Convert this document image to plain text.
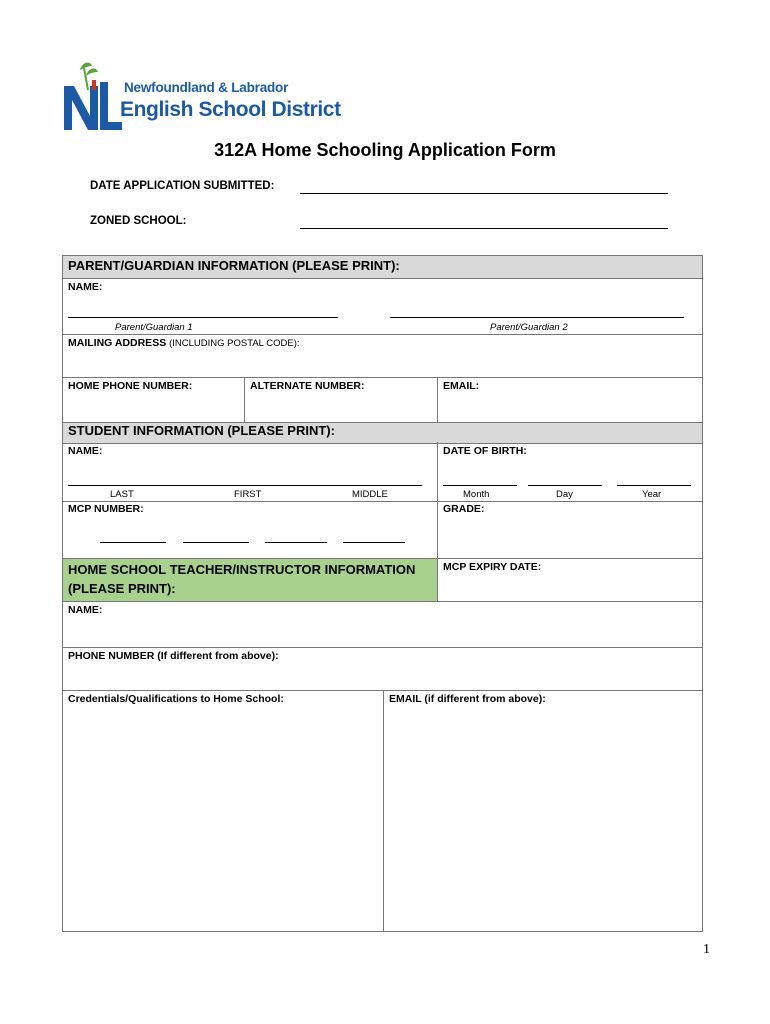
Newfoundland & Labrador
English School District
312A Home Schooling Application Form
DATE APPLICATION SUBMITTED:
ZONED SCHOOL:
PARENT/GUARDIAN INFORMATION (PLEASE PRINT):
NAME:
Parent/Guardian 1	Parent/Guardian 2
MAILING ADDRESS (INCLUDING POSTAL CODE):
HOME PHONE NUMBER:	ALTERNATE NUMBER:	EMAIL:
STUDENT INFORMATION (PLEASE PRINT):
NAME:	DATE OF BIRTH:
LAST	FIRST	MIDDLE	Month	Day	Year
MCP NUMBER:	GRADE:
HOME SCHOOL TEACHER/INSTRUCTOR INFORMATION (PLEASE PRINT):
MCP EXPIRY DATE:
NAME:
PHONE NUMBER (If different from above):
Credentials/Qualifications to Home School:	EMAIL (if different from above):
1
